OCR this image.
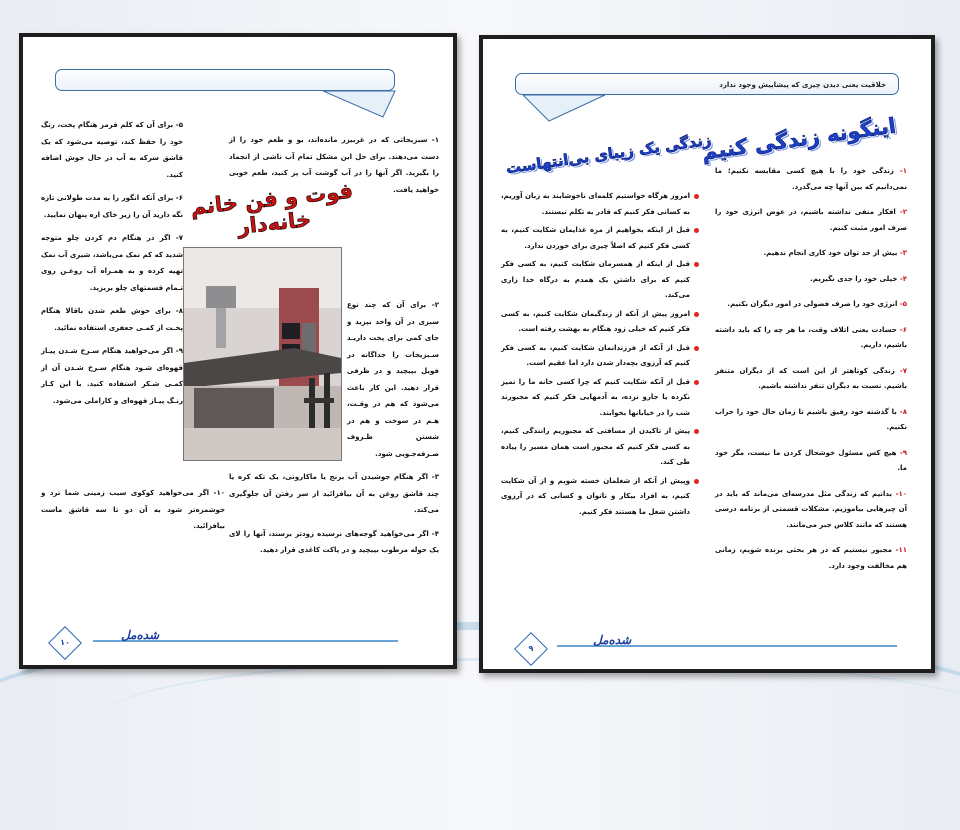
۱- سبزیجاتی که در غربیزر مانده‌اند، بو و طعم خود را از دست می‌دهند. برای حل این مشکل تمام آب ناشی از انجماد را بگیرید. اگر آنها را در آب گوشت آب پز کنید، طعم خوبی خواهید یافت.

۲- برای آن که چند نوع سبزی در آن واحد بپزید و جای کمی برای پخت داریـد سـبزیجات را جداگانه در فویل بپیچید و در ظرفی قرار دهید. این کار باعث می‌شود که هم در وقـت، هـم در سوخت و هم در شستن ظـروف صـرفه‌جـویی شود.

۳- اگر هنگام جوشیدن آب برنج یا ماکارونی، یک تکه کره یا چند قاشق روغن به آن بیافزائید از سر رفتن آن جلوگیری می‌کند.

۴- اگر می‌خواهید گوجه‌های نرسیده زودتر برسند، آنها را لای یک حوله مرطوب بپیچید و در پاکت کاغذی قرار دهید.

۵- برای آن که کلم قرمز هنگام پخت، رنگ خود را حفظ کند، توصیه می‌شود که یک قاشق سرکه به آب در حال جوش اضافه کنید.

۶- برای آنکه انگور را به مدت طولانی تازه نگه دارید آن را زیر خاک اره پنهان نمایید.

۷- اگر در هنگام دم کردن چلو متوجه شدید که کم نمک می‌باشد، شیری آب نمک تهیه کرده و به همـراه آب روغـن روی تـمام قسمتهای چلو بریزید.

۸- برای خوش طعم شدن باقالا هنگام پخـت از کمـی جعفری استفاده نمائید.

۹- اگر می‌خواهید هنگام سـرخ شـدن پیـاز قهوه‌ای شـود هنگام سـرخ شـدن آن از کمـی شـکر استفاده کنید. با این کـار رنـگ پیـاز قهوه‌ای و کاراملی می‌شود.

۱۰- اگر می‌خواهید کوکوی سیب زمینی شما ترد و خوشمزه‌تر شود به آن دو تا سه قاشق ماست بیافزائید.

فوت و فن خانم خانه‌دار
شده‌مل
۱۰
خلاقیت یعنی دیدن چیزی که پیشاپیش وجود ندارد
اینگونه زندگی کنیم
زندگی یک زیبای بی‌انتهاست	۱- زندگی خود را با هیچ کسی مقایسه نکنیم؛ ما نمی‌دانیم که بین آنها چه می‌گذرد.
۲- افکار منفی نداشته باشیم، در عوض انرژی خود را صرف امور مثبت کنیم.
۳- بیش از حد توان خود کاری انجام ندهیم.
۴- خیلی خود را جدی نگیریم.
۵- انرژی خود را صرف فضولی در امور دیگران نکنیم.
۶- حسادت یعنی اتلاف وقت، ما هر چه را که باید داشته باشیم، داریم.
۷- زندگی کوتاهتر از این است که از دیگران متنفر باشیم. نسبت به دیگران تنفر نداشته باشیم.
۸- با گذشته خود رفیق باشیم تا زمان حال خود را خراب نکنیم.
۹- هیچ کس مسئول خوشحال کردن ما نیست، مگر خود ما.
۱۰- بدانیم که زندگی مثل مدرسه‌ای می‌ماند که باید در آن چیزهایی بیاموزیم. مشکلات قسمتی از برنامه درسی هستند که مانند کلاس جبر می‌مانند.
۱۱- مجبور نیستیم که در هر بحثی برنده شویم، زمانی هم مخالفت وجود دارد.
امروز هرگاه خواستیم کلمه‌ای ناخوشایند به زبان آوریم، به کسانی فکر کنیم که قادر به تکلم نیستند.
قبل از اینکه بخواهیم از مزه غذایمان شکایت کنیم، به کسی فکر کنیم که اصلاً چیزی برای خوردن ندارد.
قبل از اینکه از همسرمان شکایت کنیم، به کسی فکر کنیم که برای داشتن یک همدم به درگاه خدا زاری می‌کند.
امروز پیش از آنکه از زندگیمان شکایت کنیم، به کسی فکر کنیم که خیلی زود هنگام به بهشت رفته است.
قبل از آنکه از فرزندانمان شکایت کنیم، به کسی فکر کنیم که آرزوی بچه‌دار شدن دارد اما عقیم است.
قبل از آنکه شکایت کنیم که چرا کسی خانه ما را تمیز نکرده یا جارو نزده، به آدمهایی فکر کنیم که مجبورند شب را در خیابانها بخوابند.
پیش از تاکیدن از مسافتی که مجبوریم رانندگی کنیم، به کسی فکر کنیم که مجبور است همان مسیر را پیاده طی کند.
وپیش از آنکه از شغلمان خسته شویم و از آن شکایت کنیم، به افراد بیکار و ناتوان و کسانی که در آرزوی داشتن شغل ما هستند فکر کنیم.
شده‌مل
۹
